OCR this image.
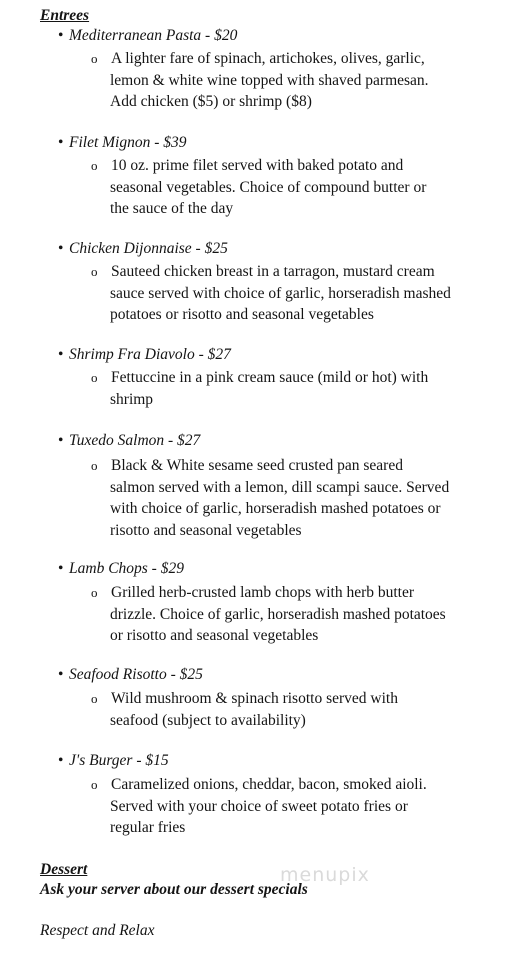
Entrees
• Mediterranean Pasta - $20
o A lighter fare of spinach, artichokes, olives, garlic,
lemon & white wine topped with shaved parmesan.
Add chicken ($5) or shrimp ($8)
• Filet Mignon - $39
o 10 oz. prime filet served with baked potato and
seasonal vegetables. Choice of compound butter or
the sauce of the day
• Chicken Dijonnaise - $25
o Sauteed chicken breast in a tarragon, mustard cream
sauce served with choice of garlic, horseradish mashed
potatoes or risotto and seasonal vegetables
• Shrimp Fra Diavolo - $27
o Fettuccine in a pink cream sauce (mild or hot) with
shrimp
• Tuxedo Salmon - $27
o Black & White sesame seed crusted pan seared
salmon served with a lemon, dill scampi sauce. Served
with choice of garlic, horseradish mashed potatoes or
risotto and seasonal vegetables
• Lamb Chops - $29
o Grilled herb-crusted lamb chops with herb butter
drizzle. Choice of garlic, horseradish mashed potatoes
or risotto and seasonal vegetables
• Seafood Risotto - $25
o Wild mushroom & spinach risotto served with
seafood (subject to availability)
• J's Burger - $15
o Caramelized onions, cheddar, bacon, smoked aioli.
Served with your choice of sweet potato fries or
regular fries
Dessert
Ask your server about our dessert specials
menupix
Respect and Relax
